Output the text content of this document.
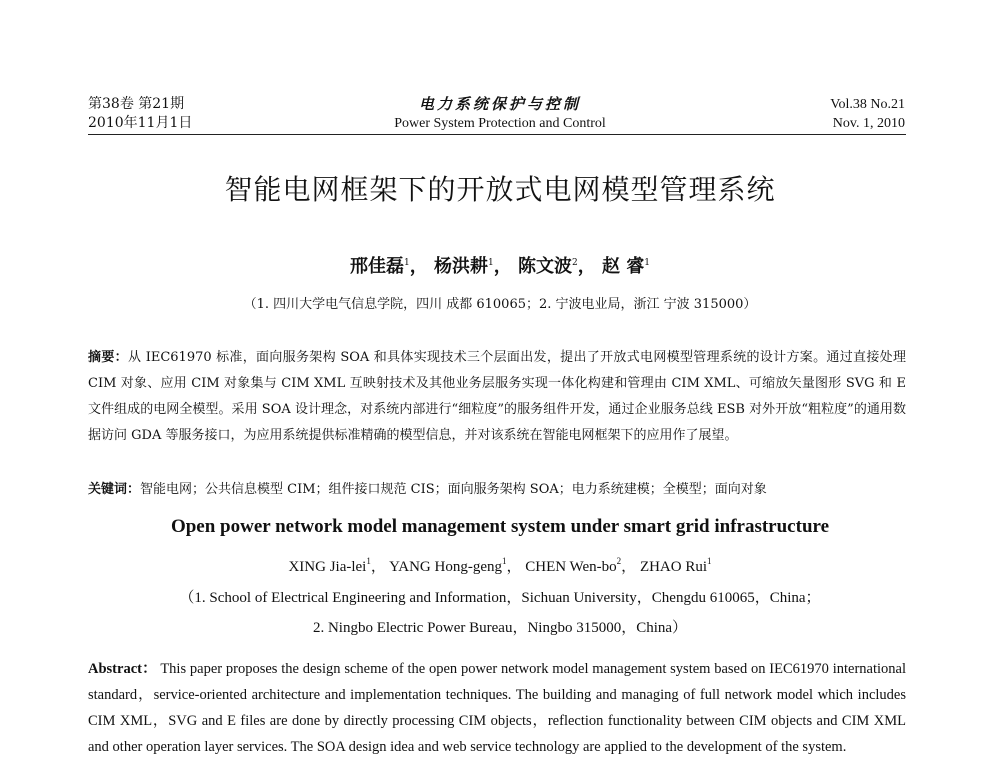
第38卷 第21期
2010年11月1日
电力系统保护与控制
Power System Protection and Control
Vol.38 No.21
Nov. 1, 2010
智能电网框架下的开放式电网模型管理系统
邢佳磊$^1$， 杨洪耕$^1$， 陈文波$^2$， 赵 睿$^1$
（1. 四川大学电气信息学院，四川 成都 610065；2. 宁波电业局，浙江 宁波 315000）
摘要：从 IEC61970 标准，面向服务架构 SOA 和具体实现技术三个层面出发，提出了开放式电网模型管理系统的设计方案。通过直接处理 CIM 对象、应用 CIM 对象集与 CIM XML 互映射技术及其他业务层服务实现一体化构建和管理由 CIM XML、可缩放矢量图形 SVG 和 E 文件组成的电网全模型。采用 SOA 设计理念，对系统内部进行“细粒度”的服务组件开发，通过企业服务总线 ESB 对外开放“粗粒度”的通用数据访问 GDA 等服务接口，为应用系统提供标准精确的模型信息，并对该系统在智能电网框架下的应用作了展望。
关键词：智能电网；公共信息模型 CIM；组件接口规范 CIS；面向服务架构 SOA；电力系统建模；全模型；面向对象
Open power network model management system under smart grid infrastructure
XING Jia-lei$^1$， YANG Hong-geng$^1$， CHEN Wen-$bo^2$， ZHAO Rui$^1$
（1. School of Electrical Engineering and Information，Sichuan University，Chengdu 610065，China；
2. Ningbo Electric Power Bureau，Ningbo 315000，China）
Abstract： This paper proposes the design scheme of the open power network model management system based on IEC61970 international standard，service-oriented architecture and implementation techniques. The building and managing of full network model which includes CIM XML，SVG and E files are done by directly processing CIM objects，reflection functionality between CIM objects and CIM XML and other operation layer services. The SOA design idea and web service technology are applied to the development of the system.
